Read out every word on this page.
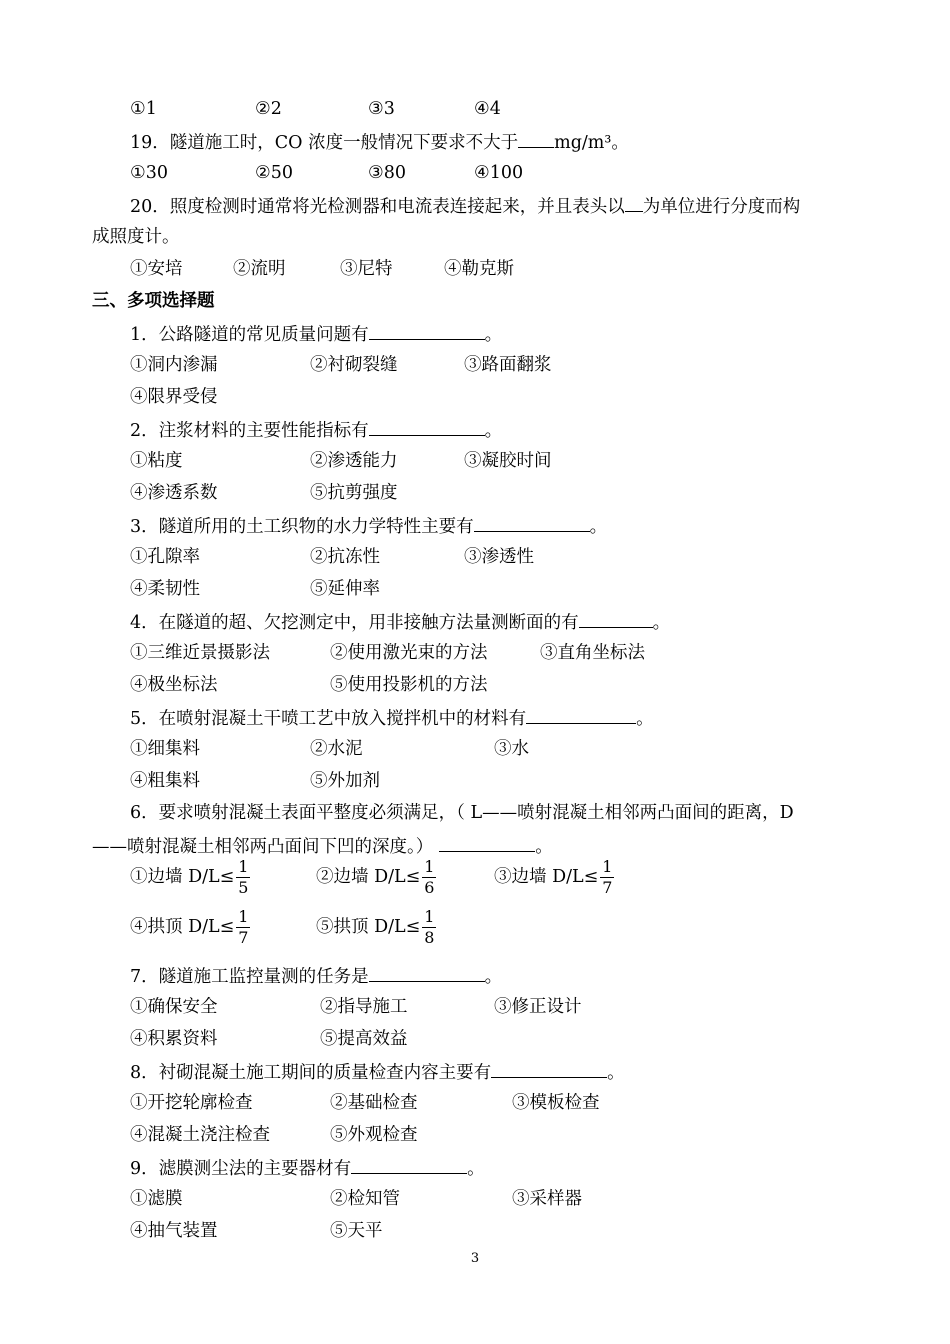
①1	②2	③3	④4
19．隧道施工时，CO 浓度一般情况下要求不大于 mg/m³。
①30	②50	③80	④100
20．照度检测时通常将光检测器和电流表连接起来，并且表头以 为单位进行分度而构
成照度计。
①安培	②流明	③尼特	④勒克斯
三、多项选择题
1．公路隧道的常见质量问题有	。
①洞内渗漏	②衬砌裂缝	③路面翻浆
④限界受侵
2．注浆材料的主要性能指标有	。
①粘度	②渗透能力	③凝胶时间
④渗透系数	⑤抗剪强度
3．隧道所用的土工织物的水力学特性主要有	。
①孔隙率	②抗冻性	③渗透性
④柔韧性	⑤延伸率
4．在隧道的超、欠挖测定中，用非接触方法量测断面的有	。
①三维近景摄影法	②使用激光束的方法	③直角坐标法
④极坐标法	⑤使用投影机的方法
5．在喷射混凝土干喷工艺中放入搅拌机中的材料有	。
①细集料	②水泥	③水
④粗集料	⑤外加剂
6．要求喷射混凝土表面平整度必须满足，（ L——喷射混凝土相邻两凸面间的距离，D
——喷射混凝土相邻两凸面间下凹的深度。）	。
①边墙 $D/L\le \frac{1}{5}$	②边墙 $D/L\le \frac{1}{6}$	③边墙 $D/L\le \frac{1}{7}$
④拱顶 $D/L\le \frac{1}{7}$	⑤拱顶 $D/L\le \frac{1}{8}$
7．隧道施工监控量测的任务是	。
①确保安全	②指导施工	③修正设计
④积累资料	⑤提高效益
8．衬砌混凝土施工期间的质量检查内容主要有	。
①开挖轮廓检查	②基础检查	③模板检查
④混凝土浇注检查	⑤外观检查
9．滤膜测尘法的主要器材有	。
①滤膜	②检知管	③采样器
④抽气装置	⑤天平
3
